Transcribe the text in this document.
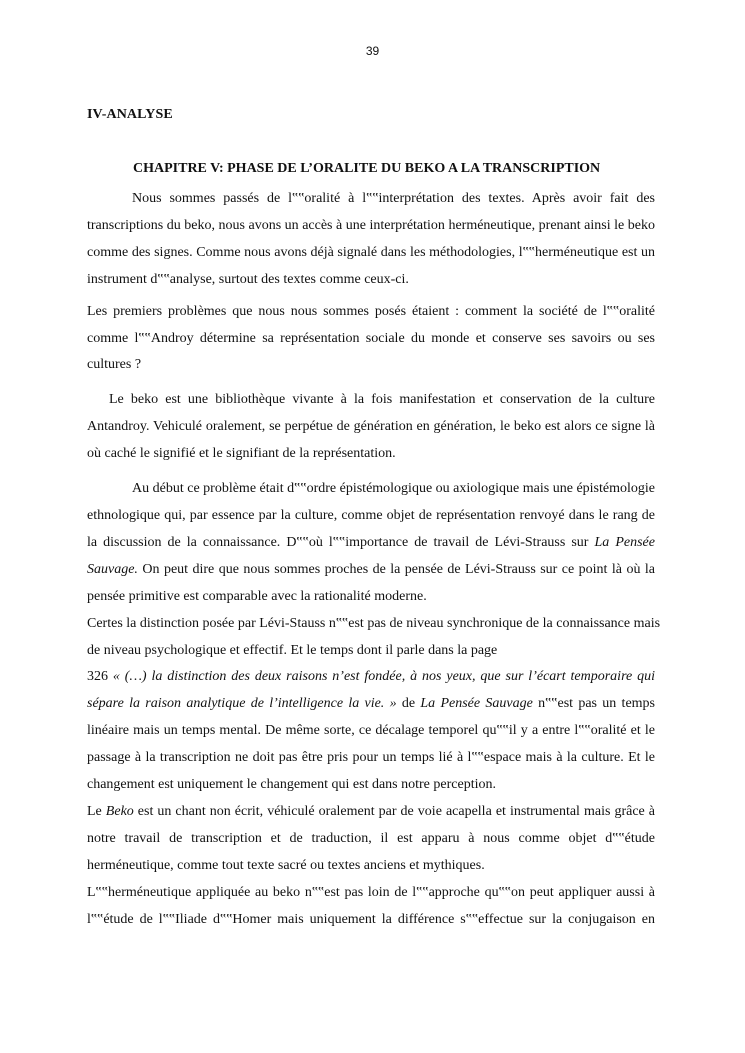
39
IV-ANALYSE
CHAPITRE V: PHASE DE L’ORALITE DU BEKO A LA TRANSCRIPTION

Nous sommes passés de l‟‟oralité à l‟‟interprétation des textes. Après avoir fait des transcriptions du beko, nous avons un accès à une interprétation herméneutique, prenant ainsi le beko comme des signes. Comme nous avons déjà signalé dans les méthodologies, l‟‟herméneutique est un instrument d‟‟analyse, surtout des textes comme ceux-ci.

Les premiers problèmes que nous nous sommes posés étaient : comment la société de l‟‟oralité comme l‟‟Androy détermine sa représentation sociale du monde et conserve ses savoirs ou ses cultures ?

Le beko est une bibliothèque vivante à la fois manifestation et conservation de la culture Antandroy. Vehiculé oralement, se perpétue de génération en génération, le beko est alors ce signe là où caché le signifié et le signifiant de la représentation.

Au début ce problème était d‟‟ordre épistémologique ou axiologique mais une épistémologie ethnologique qui, par essence par la culture, comme objet de représentation renvoyé dans le rang de la discussion de la connaissance. D‟‟où l‟‟importance de travail de Lévi-Strauss sur La Pensée Sauvage. On peut dire que nous sommes proches de la pensée de Lévi-Strauss sur ce point là où la pensée primitive est comparable avec la rationalité moderne.

Certes la distinction posée par Lévi-Stauss n‟‟est pas de niveau synchronique de la connaissance mais
de niveau psychologique et effectif. Et le temps dont il parle dans la page

326 « (…) la distinction des deux raisons n’est fondée, à nos yeux, que sur l’écart temporaire qui sépare la raison analytique de l’intelligence la vie. » de La Pensée Sauvage n‟‟est pas un temps linéaire mais un temps mental. De même sorte, ce décalage temporel qu‟‟il y a entre l‟‟oralité et le passage à la transcription ne doit pas être pris pour un temps lié à l‟‟espace mais à la culture. Et le changement est uniquement le changement qui est dans notre perception.

Le Beko est un chant non écrit, véhiculé oralement par de voie acapella et instrumental mais grâce à notre travail de transcription et de traduction, il est apparu à nous comme objet d‟‟étude herméneutique, comme tout texte sacré ou textes anciens et mythiques.

L‟‟herméneutique appliquée au beko n‟‟est pas loin de l‟‟approche qu‟‟on peut appliquer aussi à l‟‟étude de l‟‟Iliade d‟‟Homer mais uniquement la différence s‟‟effectue sur la conjugaison en
